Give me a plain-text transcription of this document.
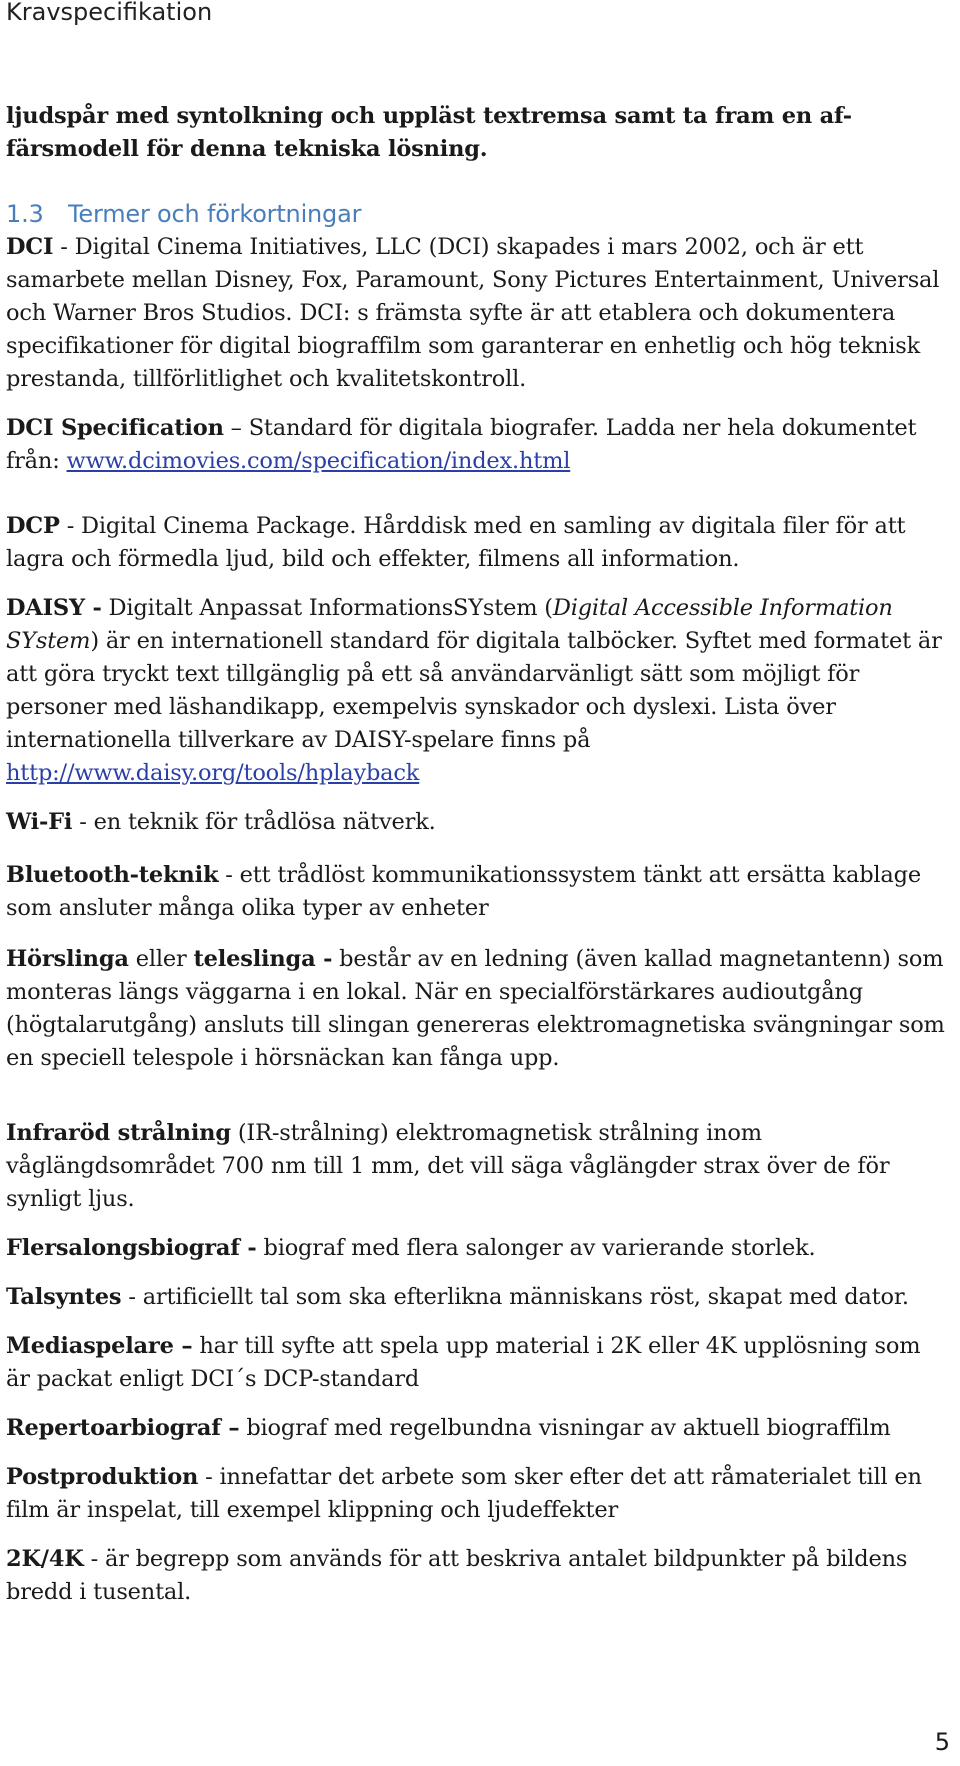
Kravspecifikation

ljudspår med syntolkning och uppläst textremsa samt ta fram en af-
färsmodell för denna tekniska lösning.

1.3 Termer och förkortningar

DCI - Digital Cinema Initiatives, LLC (DCI) skapades i mars 2002, och är ett samarbete mellan Disney, Fox, Paramount, Sony Pictures Entertainment, Universal och Warner Bros Studios. DCI: s främsta syfte är att etablera och dokumentera specifikationer för digital biograffilm som garanterar en enhetlig och hög teknisk prestanda, tillförlitlighet och kvalitetskontroll.

DCI Specification – Standard för digitala biografer. Ladda ner hela dokumentet från: www.dcimovies.com/specification/index.html

DCP - Digital Cinema Package. Hårddisk med en samling av digitala filer för att lagra och förmedla ljud, bild och effekter, filmens all information.

DAISY - Digitalt Anpassat InformationsSYstem (Digital Accessible Information SYstem) är en internationell standard för digitala talböcker. Syftet med formatet är att göra tryckt text tillgänglig på ett så användarvänligt sätt som möjligt för personer med läshandikapp, exempelvis synskador och dyslexi. Lista över internationella tillverkare av DAISY-spelare finns på http://www.daisy.org/tools/hplayback

Wi-Fi - en teknik för trådlösa nätverk.

Bluetooth-teknik - ett trådlöst kommunikationssystem tänkt att ersätta kablage som ansluter många olika typer av enheter

Hörslinga eller teleslinga - består av en ledning (även kallad magnetantenn) som monteras längs väggarna i en lokal. När en specialförstärkares audioutgång (högtalarutgång) ansluts till slingan genereras elektromagnetiska svängningar som en speciell telespole i hörsnäckan kan fånga upp.

Infraröd strålning (IR-strålning) elektromagnetisk strålning inom våglängdsområdet 700 nm till 1 mm, det vill säga våglängder strax över de för synligt ljus.

Flersalongsbiograf - biograf med flera salonger av varierande storlek.

Talsyntes - artificiellt tal som ska efterlikna människans röst, skapat med dator.

Mediaspelare – har till syfte att spela upp material i 2K eller 4K upplösning som är packat enligt DCI´s DCP-standard

Repertoarbiograf – biograf med regelbundna visningar av aktuell biograffilm

Postproduktion - innefattar det arbete som sker efter det att råmaterialet till en film är inspelat, till exempel klippning och ljudeffekter

2K/4K - är begrepp som används för att beskriva antalet bildpunkter på bildens bredd i tusental.

5
